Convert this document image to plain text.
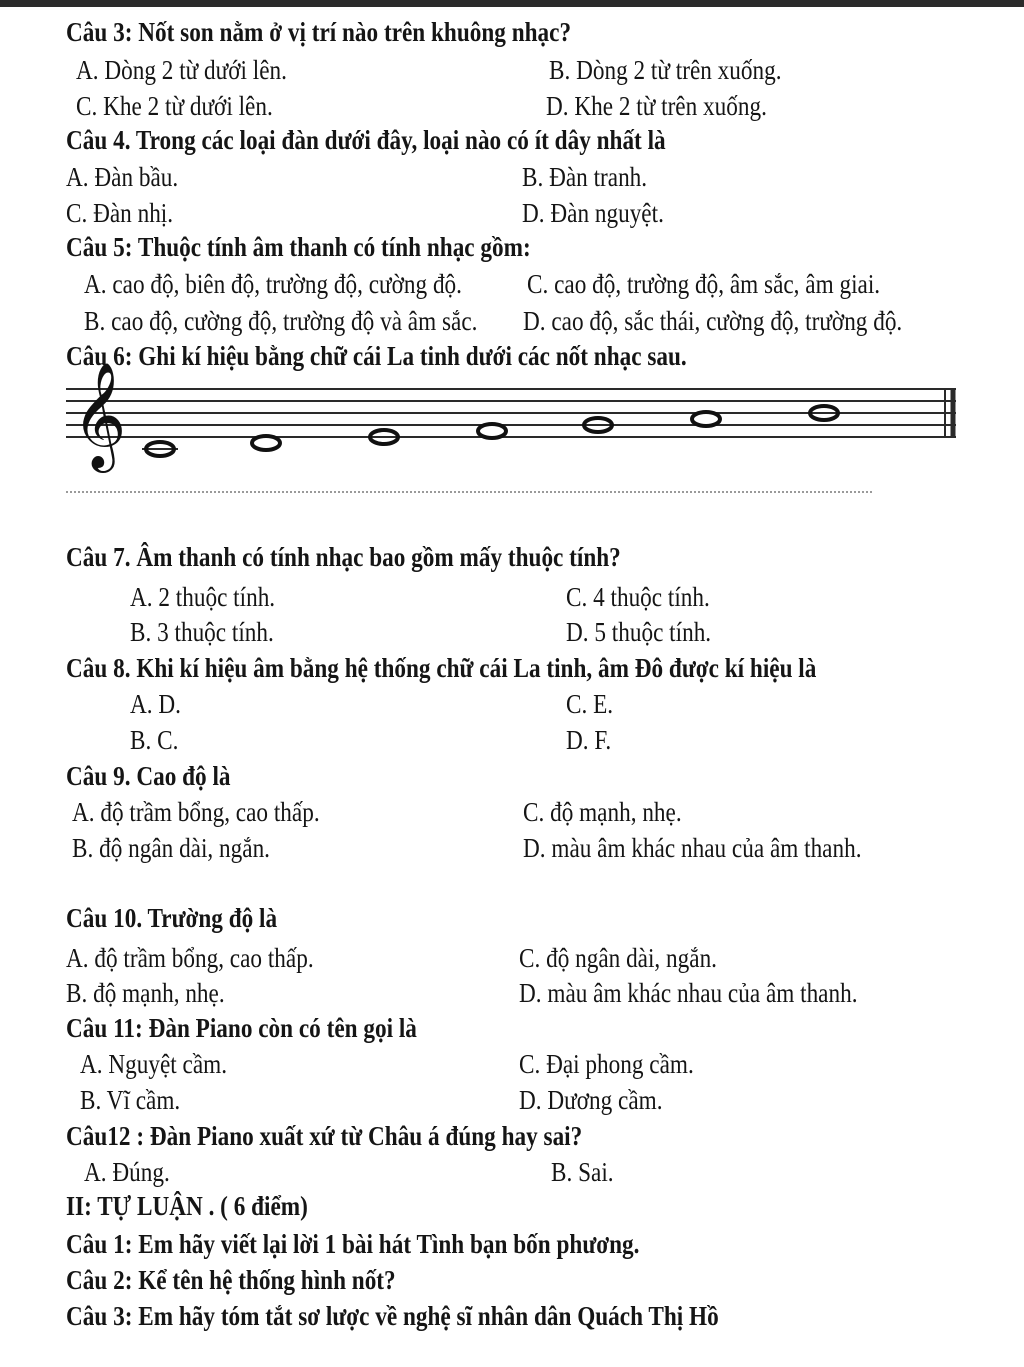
Câu 3: Nốt son nằm ở vị trí nào trên khuông nhạc?
A. Dòng 2 từ dưới lên.	B. Dòng 2 từ trên xuống.
C. Khe 2 từ dưới lên.	D. Khe 2 từ trên xuống.
Câu 4. Trong các loại đàn dưới đây, loại nào có ít dây nhất là
A. Đàn bầu.	B. Đàn tranh.
C. Đàn nhị.	D. Đàn nguyệt.
Câu 5: Thuộc tính âm thanh có tính nhạc gồm:
A. cao độ, biên độ, trường độ, cường độ. C. cao độ, trường độ, âm sắc, âm giai.
B. cao độ, cường độ, trường độ và âm sắc. D. cao độ, sắc thái, cường độ, trường độ.
Câu 6: Ghi kí hiệu bằng chữ cái La tinh dưới các nốt nhạc sau.
𝄞
Câu 7. Âm thanh có tính nhạc bao gồm mấy thuộc tính?
A. 2 thuộc tính.	C. 4 thuộc tính.
B. 3 thuộc tính.	D. 5 thuộc tính.
Câu 8. Khi kí hiệu âm bằng hệ thống chữ cái La tinh, âm Đô được kí hiệu là
A. D.	C. E.
B. C.	D. F.
Câu 9. Cao độ là
A. độ trầm bổng, cao thấp.	C. độ mạnh, nhẹ.
B. độ ngân dài, ngắn.	D. màu âm khác nhau của âm thanh.
Câu 10. Trường độ là
A. độ trầm bổng, cao thấp.	C. độ ngân dài, ngắn.
B. độ mạnh, nhẹ.	D. màu âm khác nhau của âm thanh.
Câu 11: Đàn Piano còn có tên gọi là
A. Nguyệt cầm.	C. Đại phong cầm.
B. Vĩ cầm.	D. Dương cầm.
Câu12 : Đàn Piano xuất xứ từ Châu á đúng hay sai?
A. Đúng.	B. Sai.
II: TỰ LUẬN . ( 6 điểm)
Câu 1: Em hãy viết lại lời 1 bài hát Tình bạn bốn phương.
Câu 2: Kể tên hệ thống hình nốt?
Câu 3: Em hãy tóm tắt sơ lược về nghệ sĩ nhân dân Quách Thị Hồ
